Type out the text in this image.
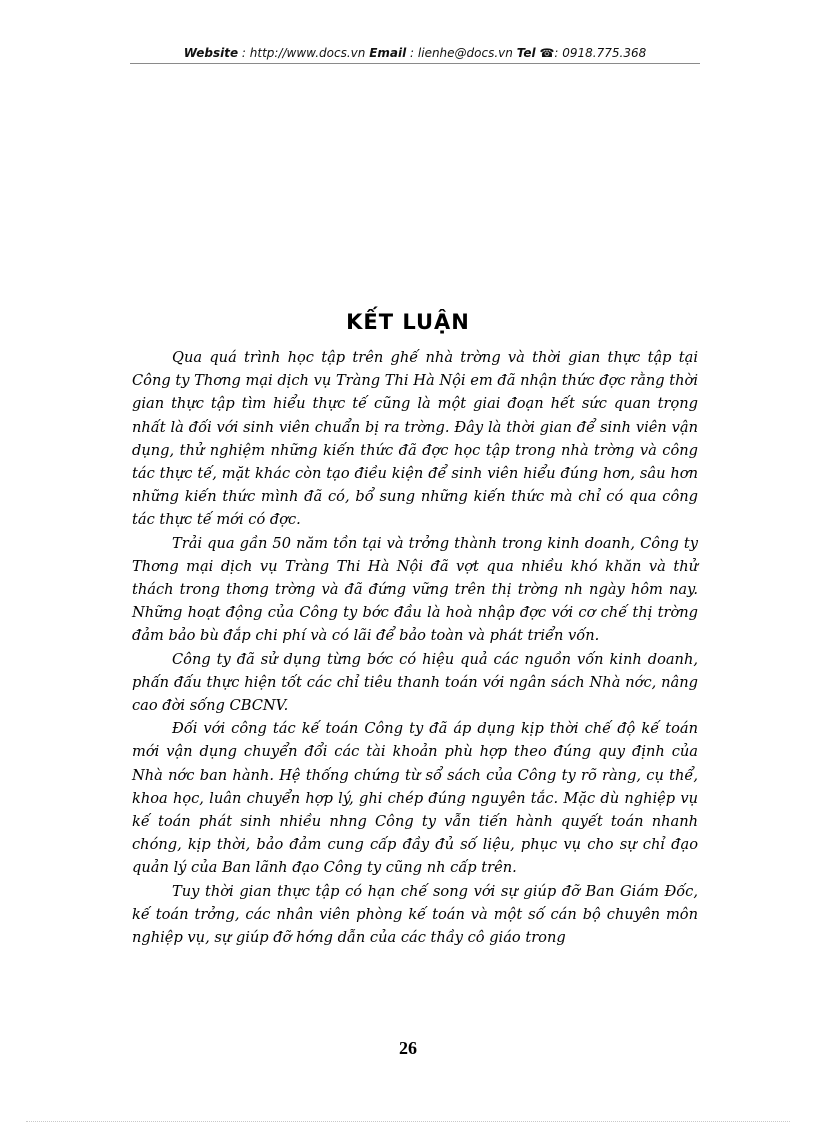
Website : http://www.docs.vn Email : lienhe@docs.vn Tel ☎: 0918.775.368
KẾT LUẬN

Qua quá trình học tập trên ghế nhà trờng và thời gian thực tập tại Công ty Thơng mại dịch vụ Tràng Thi Hà Nội em đã nhận thức đợc rằng thời gian thực tập tìm hiểu thực tế cũng là một giai đoạn hết sức quan trọng nhất là đối với sinh viên chuẩn bị ra trờng. Đây là thời gian để sinh viên vận dụng, thử nghiệm những kiến thức đã đợc học tập trong nhà trờng và công tác thực tế, mặt khác còn tạo điều kiện để sinh viên hiểu đúng hơn, sâu hơn những kiến thức mình đã có, bổ sung những kiến thức mà chỉ có qua công tác thực tế mới có đợc.

Trải qua gần 50 năm tồn tại và trởng thành trong kinh doanh, Công ty Thơng mại dịch vụ Tràng Thi Hà Nội đã vợt qua nhiều khó khăn và thử thách trong thơng trờng và đã đứng vững trên thị trờng nh ngày hôm nay. Những hoạt động của Công ty bớc đầu là hoà nhập đợc với cơ chế thị trờng đảm bảo bù đắp chi phí và có lãi để bảo toàn và phát triển vốn.

Công ty đã sử dụng từng bớc có hiệu quả các nguồn vốn kinh doanh, phấn đấu thực hiện tốt các chỉ tiêu thanh toán với ngân sách Nhà nớc, nâng cao đời sống CBCNV.

Đối với công tác kế toán Công ty đã áp dụng kịp thời chế độ kế toán mới vận dụng chuyển đổi các tài khoản phù hợp theo đúng quy định của Nhà nớc ban hành. Hệ thống chứng từ sổ sách của Công ty rõ ràng, cụ thể, khoa học, luân chuyển hợp lý, ghi chép đúng nguyên tắc. Mặc dù nghiệp vụ kế toán phát sinh nhiều nhng Công ty vẫn tiến hành quyết toán nhanh chóng, kịp thời, bảo đảm cung cấp đầy đủ số liệu, phục vụ cho sự chỉ đạo quản lý của Ban lãnh đạo Công ty cũng nh cấp trên.

Tuy thời gian thực tập có hạn chế song với sự giúp đỡ Ban Giám Đốc, kế toán trởng, các nhân viên phòng kế toán và một số cán bộ chuyên môn nghiệp vụ, sự giúp đỡ hớng dẫn của các thầy cô giáo trong

26
